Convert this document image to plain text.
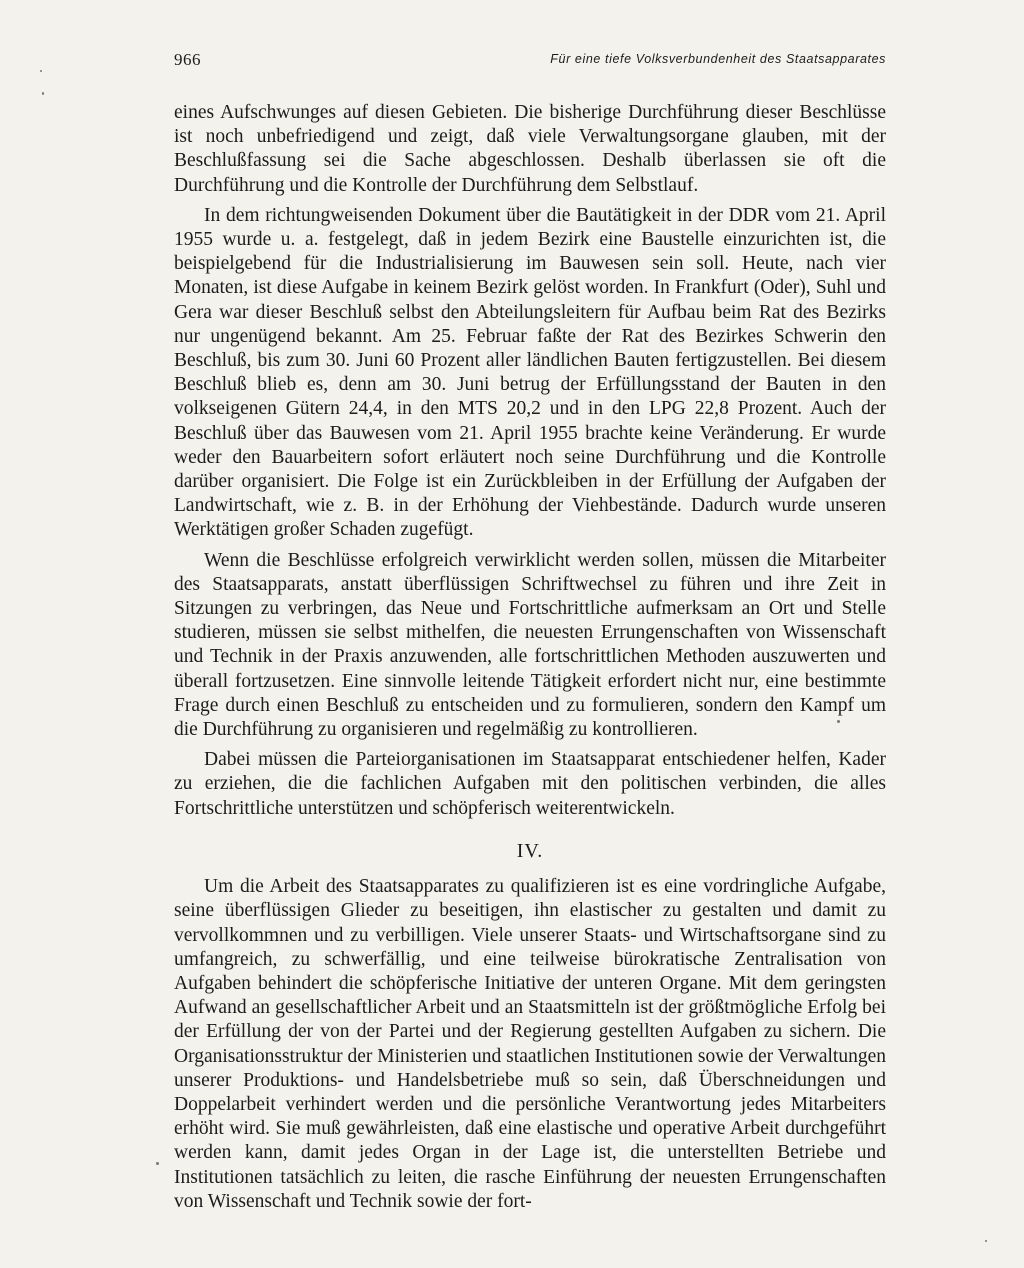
966	Für eine tiefe Volksverbundenheit des Staatsapparates

eines Aufschwunges auf diesen Gebieten. Die bisherige Durchführung dieser Beschlüsse ist noch unbefriedigend und zeigt, daß viele Verwaltungsorgane glauben, mit der Beschlußfassung sei die Sache abgeschlossen. Deshalb überlassen sie oft die Durchführung und die Kontrolle der Durchführung dem Selbstlauf.

In dem richtungweisenden Dokument über die Bautätigkeit in der DDR vom 21. April 1955 wurde u. a. festgelegt, daß in jedem Bezirk eine Baustelle einzurichten ist, die beispielgebend für die Industrialisierung im Bauwesen sein soll. Heute, nach vier Monaten, ist diese Aufgabe in keinem Bezirk gelöst worden. In Frankfurt (Oder), Suhl und Gera war dieser Beschluß selbst den Abteilungsleitern für Aufbau beim Rat des Bezirks nur ungenügend bekannt. Am 25. Februar faßte der Rat des Bezirkes Schwerin den Beschluß, bis zum 30. Juni 60 Prozent aller ländlichen Bauten fertigzustellen. Bei diesem Beschluß blieb es, denn am 30. Juni betrug der Erfüllungsstand der Bauten in den volkseigenen Gütern 24,4, in den MTS 20,2 und in den LPG 22,8 Prozent. Auch der Beschluß über das Bauwesen vom 21. April 1955 brachte keine Veränderung. Er wurde weder den Bauarbeitern sofort erläutert noch seine Durchführung und die Kontrolle darüber organisiert. Die Folge ist ein Zurückbleiben in der Erfüllung der Aufgaben der Landwirtschaft, wie z. B. in der Erhöhung der Viehbestände. Dadurch wurde unseren Werktätigen großer Schaden zugefügt.

Wenn die Beschlüsse erfolgreich verwirklicht werden sollen, müssen die Mitarbeiter des Staatsapparats, anstatt überflüssigen Schriftwechsel zu führen und ihre Zeit in Sitzungen zu verbringen, das Neue und Fortschrittliche aufmerksam an Ort und Stelle studieren, müssen sie selbst mithelfen, die neuesten Errungenschaften von Wissenschaft und Technik in der Praxis anzuwenden, alle fortschrittlichen Methoden auszuwerten und überall fortzusetzen. Eine sinnvolle leitende Tätigkeit erfordert nicht nur, eine bestimmte Frage durch einen Beschluß zu entscheiden und zu formulieren, sondern den Kampf um die Durchführung zu organisieren und regelmäßig zu kontrollieren.

Dabei müssen die Parteiorganisationen im Staatsapparat entschiedener helfen, Kader zu erziehen, die die fachlichen Aufgaben mit den politischen verbinden, die alles Fortschrittliche unterstützen und schöpferisch weiterentwickeln.

IV.

Um die Arbeit des Staatsapparates zu qualifizieren ist es eine vordringliche Aufgabe, seine überflüssigen Glieder zu beseitigen, ihn elastischer zu gestalten und damit zu vervollkommnen und zu verbilligen. Viele unserer Staats- und Wirtschaftsorgane sind zu umfangreich, zu schwerfällig, und eine teilweise bürokratische Zentralisation von Aufgaben behindert die schöpferische Initiative der unteren Organe. Mit dem geringsten Aufwand an gesellschaftlicher Arbeit und an Staatsmitteln ist der größtmögliche Erfolg bei der Erfüllung der von der Partei und der Regierung gestellten Aufgaben zu sichern. Die Organisationsstruktur der Ministerien und staatlichen Institutionen sowie der Verwaltungen unserer Produktions- und Handelsbetriebe muß so sein, daß Überschneidungen und Doppelarbeit verhindert werden und die persönliche Verantwortung jedes Mitarbeiters erhöht wird. Sie muß gewährleisten, daß eine elastische und operative Arbeit durchgeführt werden kann, damit jedes Organ in der Lage ist, die unterstellten Betriebe und Institutionen tatsächlich zu leiten, die rasche Einführung der neuesten Errungenschaften von Wissenschaft und Technik sowie der fort-
